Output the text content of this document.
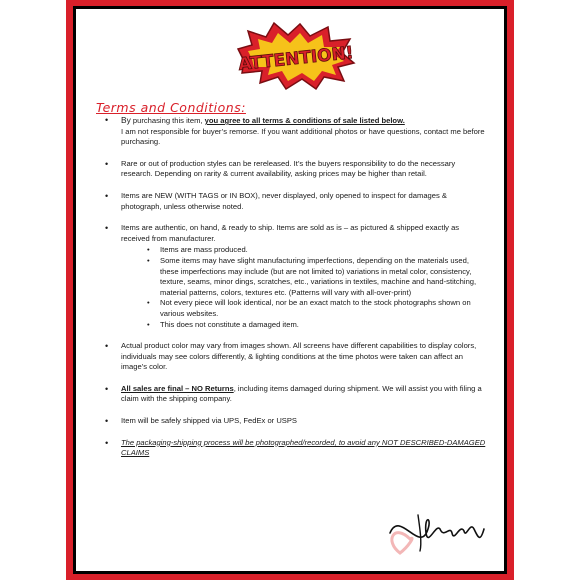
ATTENTION!
Terms and Conditions:
• By purchasing this item, you agree to all terms & conditions of sale listed below.
I am not responsible for buyer’s remorse. If you want additional photos or have questions, contact me before purchasing.
• Rare or out of production styles can be rereleased. It’s the buyers responsibility to do the necessary research. Depending on rarity & current availability, asking prices may be higher than retail.
• Items are NEW (WITH TAGS or IN BOX), never displayed, only opened to inspect for damages & photograph, unless otherwise noted.
• Items are authentic, on hand, & ready to ship. Items are sold as is – as pictured & shipped exactly as received from manufacturer.
• Items are mass produced.
• Some items may have slight manufacturing imperfections, depending on the materials used, these imperfections may include (but are not limited to) variations in metal color, consistency, texture, seams, minor dings, scratches, etc., variations in textiles, machine and hand-stitching, material patterns, colors, textures etc. (Patterns will vary with all-over-print)
• Not every piece will look identical, nor be an exact match to the stock photographs shown on various websites.
• This does not constitute a damaged item.
• Actual product color may vary from images shown. All screens have different capabilities to display colors, individuals may see colors differently, & lighting conditions at the time photos were taken can affect an image’s color.
• All sales are final – NO Returns, including items damaged during shipment. We will assist you with filing a claim with the shipping company.
• Item will be safely shipped via UPS, FedEx or USPS
• The packaging-shipping process will be photographed/recorded, to avoid any NOT DESCRIBED-DAMAGED CLAIMS
